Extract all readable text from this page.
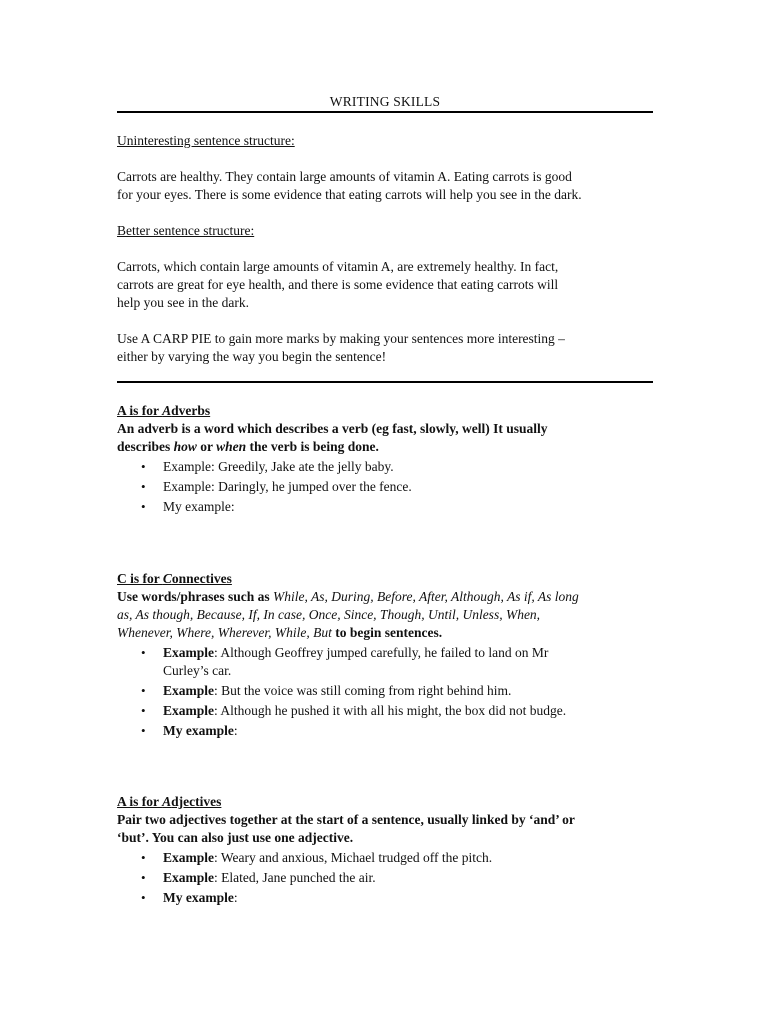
WRITING SKILLS

Uninteresting sentence structure:

Carrots are healthy. They contain large amounts of vitamin A. Eating carrots is good
for your eyes. There is some evidence that eating carrots will help you see in the dark.

Better sentence structure:

Carrots, which contain large amounts of vitamin A, are extremely healthy. In fact,
carrots are great for eye health, and there is some evidence that eating carrots will
help you see in the dark.

Use A CARP PIE to gain more marks by making your sentences more interesting –
either by varying the way you begin the sentence!

A is for Adverbs

An adverb is a word which describes a verb (eg fast, slowly, well) It usually
describes how or when the verb is being done.

• Example: Greedily, Jake ate the jelly baby.
• Example: Daringly, he jumped over the fence.
• My example:

C is for Connectives

Use words/phrases such as While, As, During, Before, After, Although, As if, As long
as, As though, Because, If, In case, Once, Since, Though, Until, Unless, When,
Whenever, Where, Wherever, While, But to begin sentences.

• Example: Although Geoffrey jumped carefully, he failed to land on Mr
Curley’s car.
• Example: But the voice was still coming from right behind him.
• Example: Although he pushed it with all his might, the box did not budge.
• My example:

A is for Adjectives

Pair two adjectives together at the start of a sentence, usually linked by ‘and’ or
‘but’. You can also just use one adjective.

• Example: Weary and anxious, Michael trudged off the pitch.
• Example: Elated, Jane punched the air.
• My example:
